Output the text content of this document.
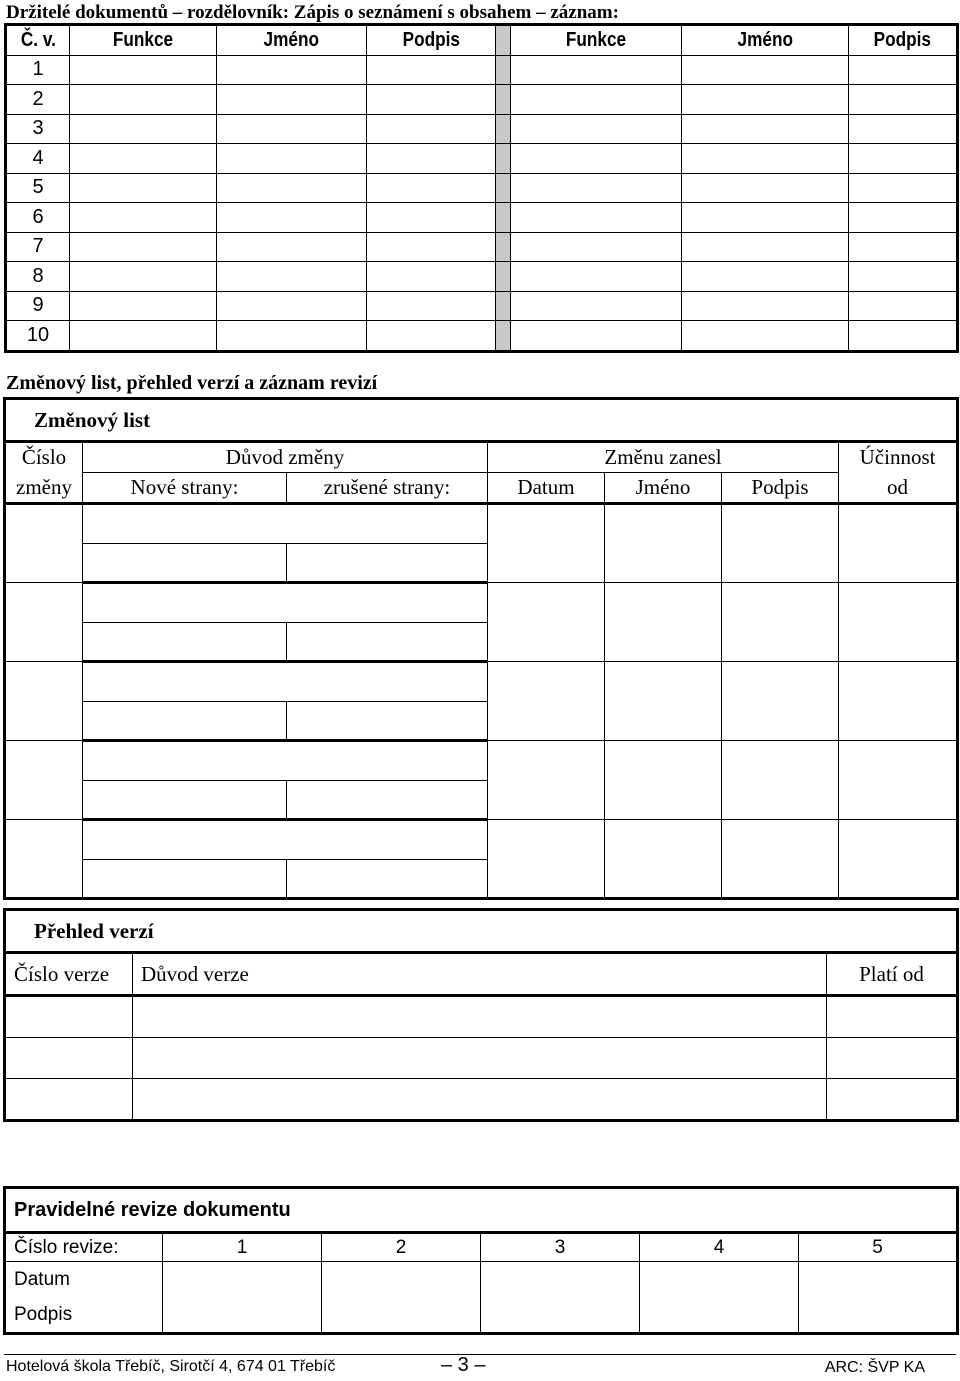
Držitelé dokumentů – rozdělovník: Zápis o seznámení s obsahem – záznam:
Č. v.	Funkce	Jméno	Podpis		Funkce	Jméno	Podpis
1							
2							
3							
4							
5							
6							
7							
8							
9							
10							
Změnový list, přehled verzí a záznam revizí
Změnový list						
Číslo	Důvod změny		Změnu zanesl			Účinnost
změny	Nové strany:	zrušené strany:	Datum	Jméno	Podpis	od

Přehled verzí		
Číslo verze	Důvod verze	Platí od

Pravidelné revize dokumentu					
Číslo revize:	1	2	3	4	5
Datum					
Podpis					
Hotelová škola Třebíč, Sirotčí 4, 674 01 Třebíč	– 3 –	ARC: ŠVP KA
